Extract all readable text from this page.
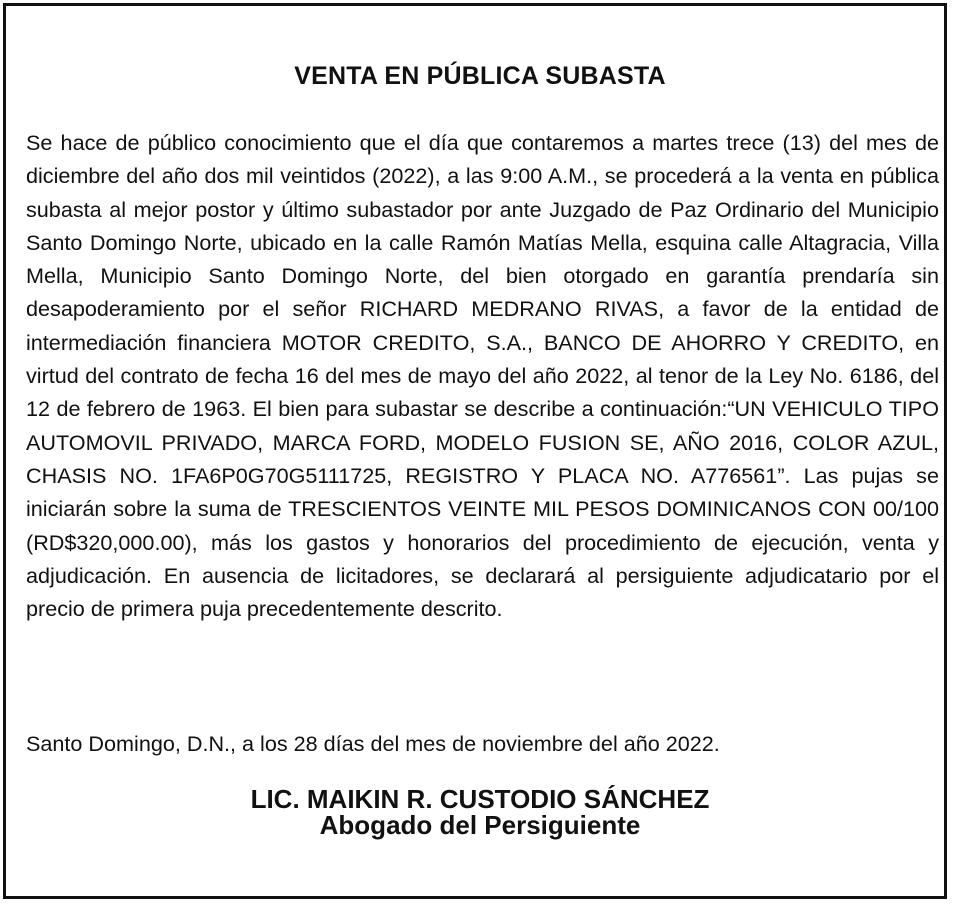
VENTA EN PÚBLICA SUBASTA

Se hace de público conocimiento que el día que contaremos a martes trece (13) del mes de diciembre del año dos mil veintidos (2022), a las 9:00 A.M., se procederá a la venta en pública subasta al mejor postor y último subastador por ante Juzgado de Paz Ordinario del Municipio Santo Domingo Norte, ubicado en la calle Ramón Matías Mella, esquina calle Altagracia, Villa Mella, Municipio Santo Domingo Norte, del bien otorgado en garantía prendaría sin desapoderamiento por el señor RICHARD MEDRANO RIVAS, a favor de la entidad de intermediación financiera MOTOR CREDITO, S.A., BANCO DE AHORRO Y CREDITO, en virtud del contrato de fecha 16 del mes de mayo del año 2022, al tenor de la Ley No. 6186, del 12 de febrero de 1963. El bien para subastar se describe a continuación:“UN VEHICULO TIPO AUTOMOVIL PRIVADO, MARCA FORD, MODELO FUSION SE, AÑO 2016, COLOR AZUL, CHASIS NO. 1FA6P0G70G5111725, REGISTRO Y PLACA NO. A776561”. Las pujas se iniciarán sobre la suma de TRESCIENTOS VEINTE MIL PESOS DOMINICANOS CON 00/100 (RD$320,000.00), más los gastos y honorarios del procedimiento de ejecución, venta y adjudicación. En ausencia de licitadores, se declarará al persiguiente adjudicatario por el precio de primera puja precedentemente descrito.

Santo Domingo, D.N., a los 28 días del mes de noviembre del año 2022.

LIC. MAIKIN R. CUSTODIO SÁNCHEZ
Abogado del Persiguiente
